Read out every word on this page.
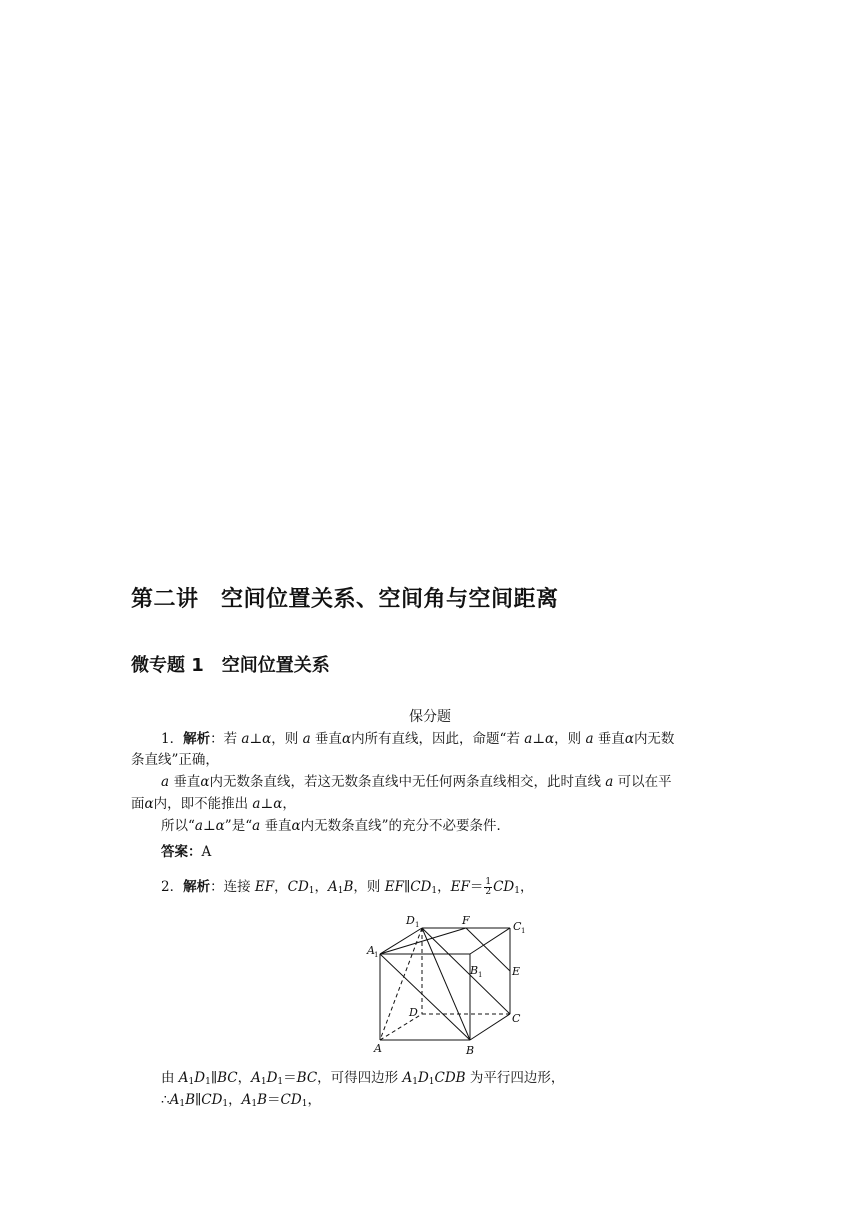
第二讲　空间位置关系、空间角与空间距离
微专题 1　空间位置关系
保分题
1．解析：若 a⊥α，则 a 垂直α内所有直线，因此，命题“若 a⊥α，则 a 垂直α内无数
条直线”正确，
a 垂直α内无数条直线，若这无数条直线中无任何两条直线相交，此时直线 a 可以在平
面α内，即不能推出 a⊥α，
所以“a⊥α”是“a 垂直α内无数条直线”的充分不必要条件．
答案：A
2．解析：连接 EF，$CD_1$，$A_1B$，则 $EF\parallel CD_1$，$EF= \frac{1}{2} CD_1$，
D 1	F	C 1
A 1
B 1	E
D	C
A	B
由 $A_1D_1\parallel BC$，$A_1D_1=BC$，可得四边形 $A_1D_1CDB$ 为平行四边形，
$\therefore A_1B\parallel CD_1$，$A_1B=CD_1$，
